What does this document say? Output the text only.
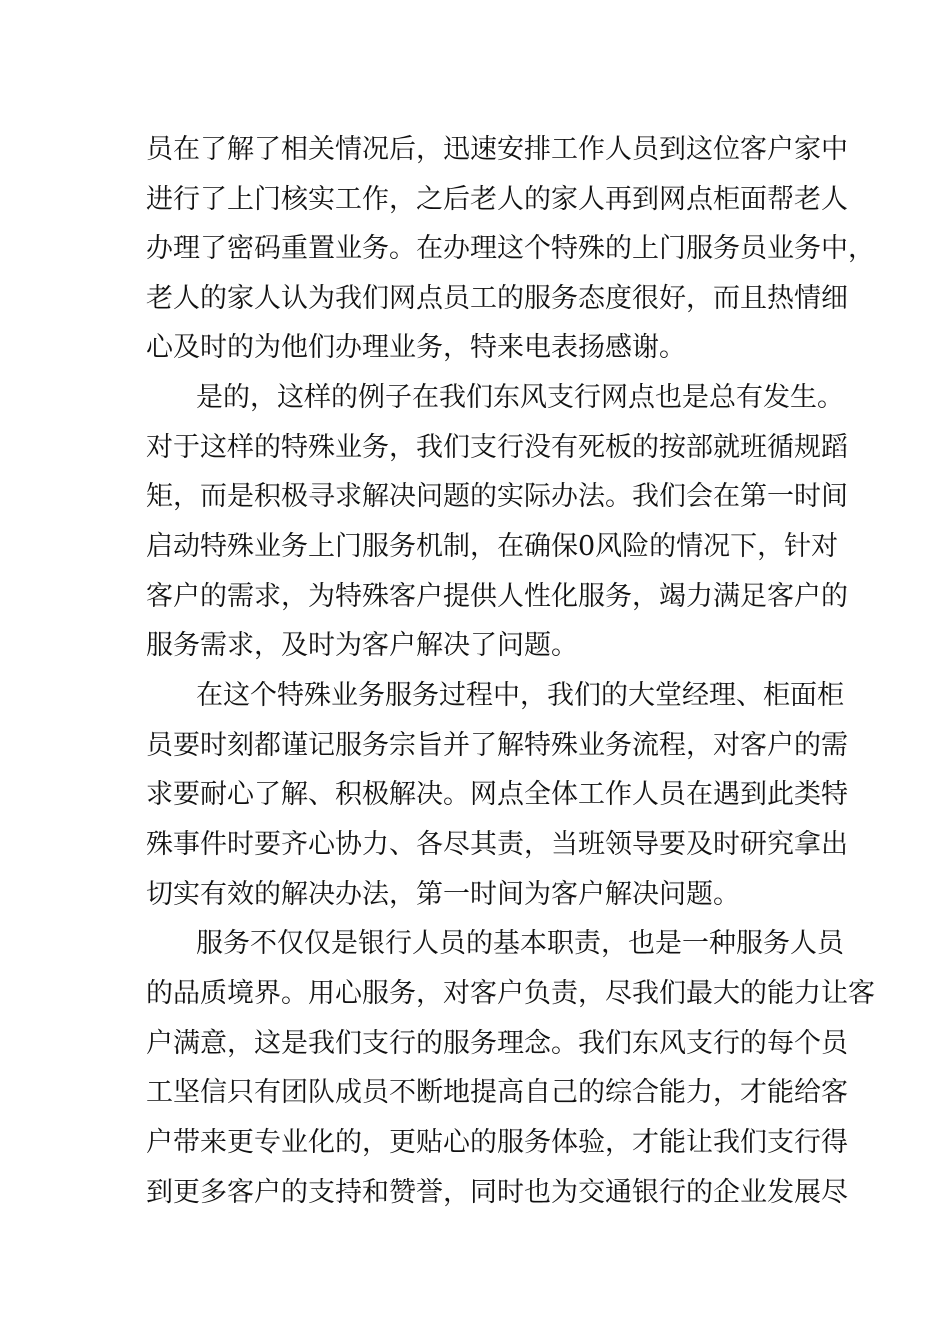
员在了解了相关情况后，迅速安排工作人员到这位客户家中
进行了上门核实工作，之后老人的家人再到网点柜面帮老人
办理了密码重置业务。在办理这个特殊的上门服务员业务中，
老人的家人认为我们网点员工的服务态度很好，而且热情细
心及时的为他们办理业务，特来电表扬感谢。
是的，这样的例子在我们东风支行网点也是总有发生。
对于这样的特殊业务，我们支行没有死板的按部就班循规蹈
矩，而是积极寻求解决问题的实际办法。我们会在第一时间
启动特殊业务上门服务机制，在确保0风险的情况下，针对
客户的需求，为特殊客户提供人性化服务，竭力满足客户的
服务需求，及时为客户解决了问题。
在这个特殊业务服务过程中，我们的大堂经理、柜面柜
员要时刻都谨记服务宗旨并了解特殊业务流程，对客户的需
求要耐心了解、积极解决。网点全体工作人员在遇到此类特
殊事件时要齐心协力、各尽其责，当班领导要及时研究拿出
切实有效的解决办法，第一时间为客户解决问题。
服务不仅仅是银行人员的基本职责，也是一种服务人员
的品质境界。用心服务，对客户负责，尽我们最大的能力让客
户满意，这是我们支行的服务理念。我们东风支行的每个员
工坚信只有团队成员不断地提高自己的综合能力，才能给客
户带来更专业化的，更贴心的服务体验，才能让我们支行得
到更多客户的支持和赞誉，同时也为交通银行的企业发展尽
